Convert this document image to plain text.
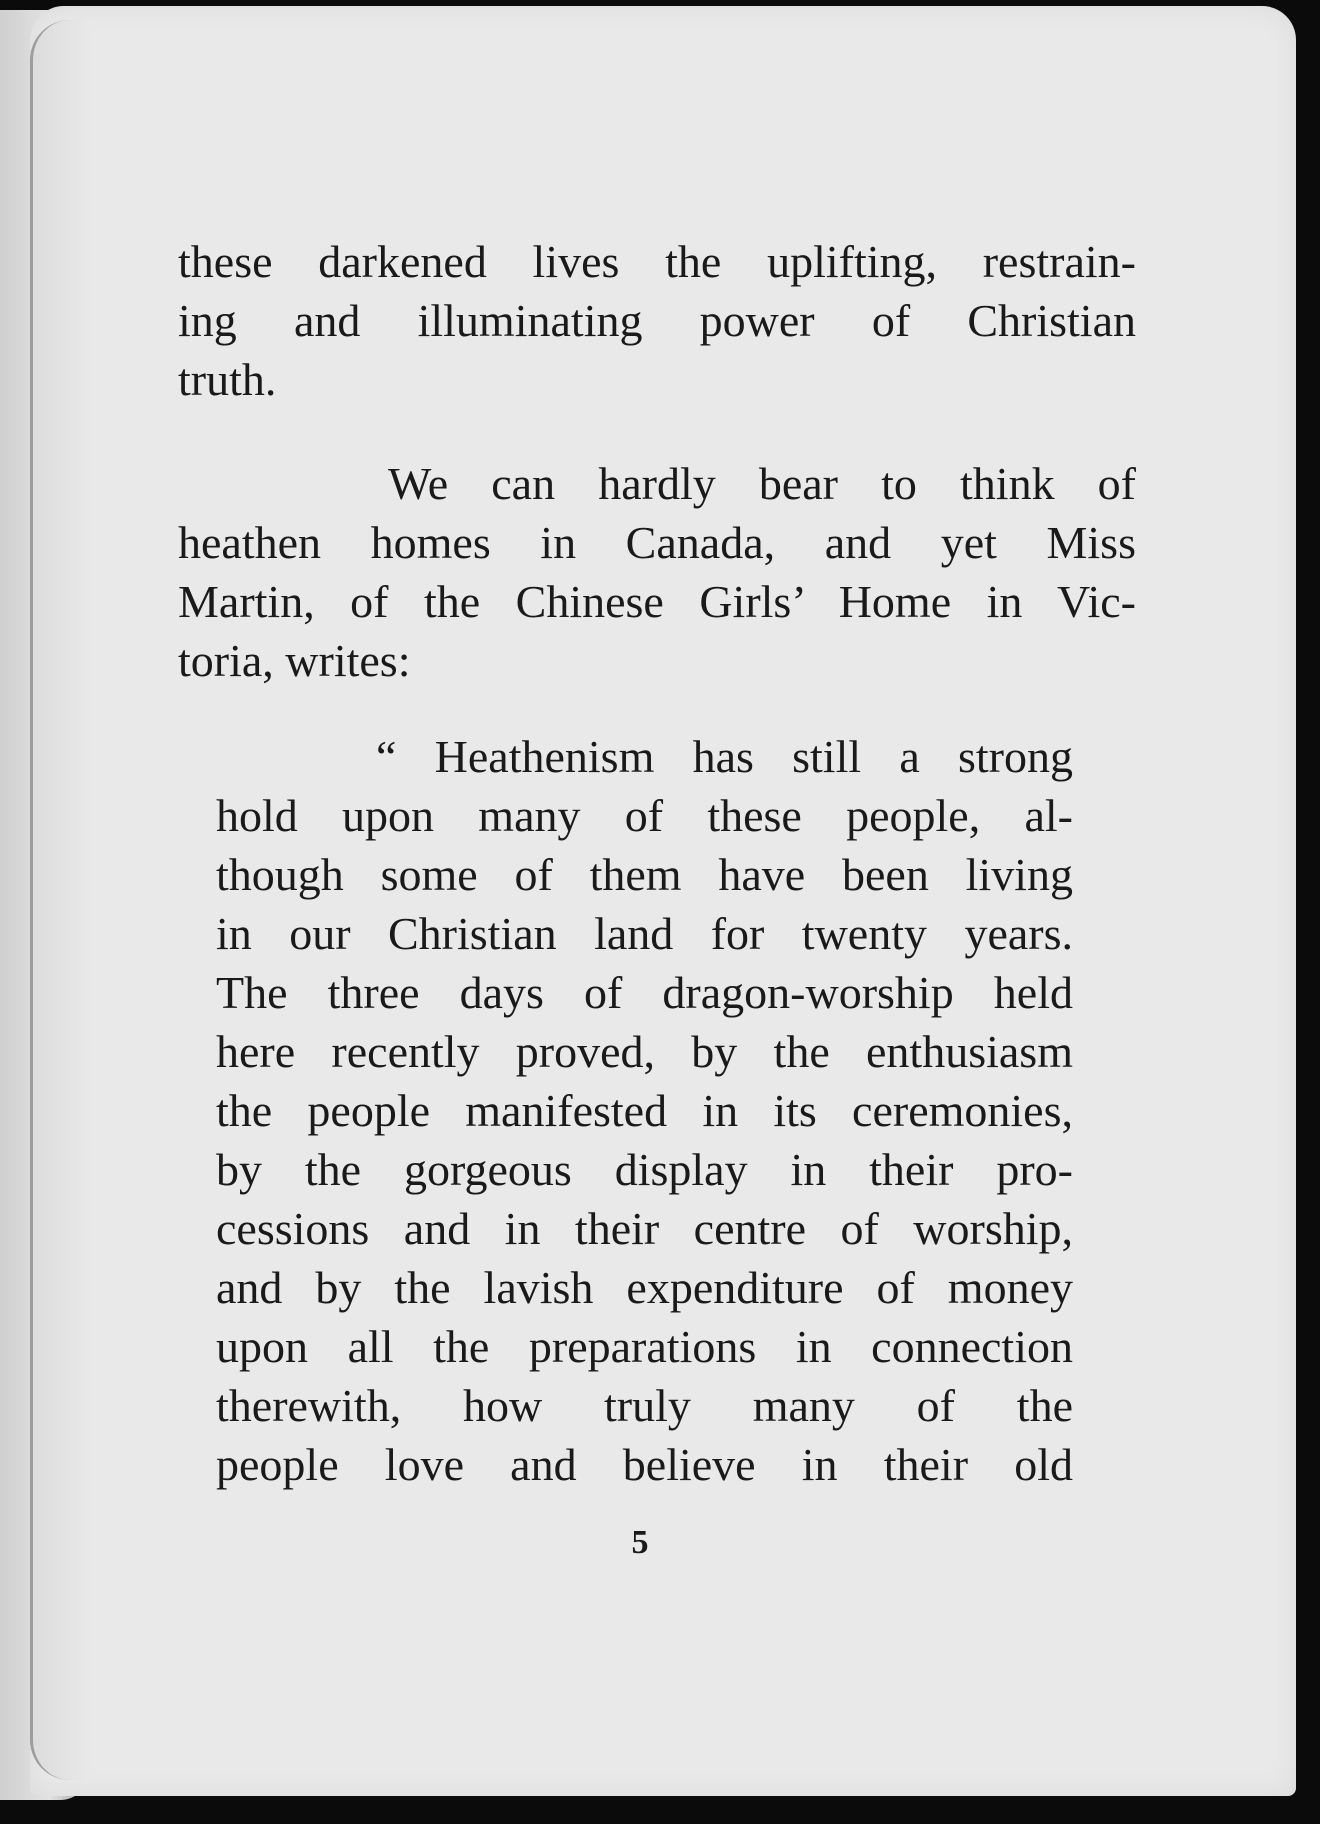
these darkened lives the uplifting, restrain-
ing and illuminating power of Christian
truth.
We can hardly bear to think of
heathen homes in Canada, and yet Miss
Martin, of the Chinese Girls’ Home in Vic-
toria, writes:
“ Heathenism has still a strong
hold upon many of these people, al-
though some of them have been living
in our Christian land for twenty years.
The three days of dragon-worship held
here recently proved, by the enthusiasm
the people manifested in its ceremonies,
by the gorgeous display in their pro-
cessions and in their centre of worship,
and by the lavish expenditure of money
upon all the preparations in connection
therewith, how truly many of the
people love and believe in their old
5
